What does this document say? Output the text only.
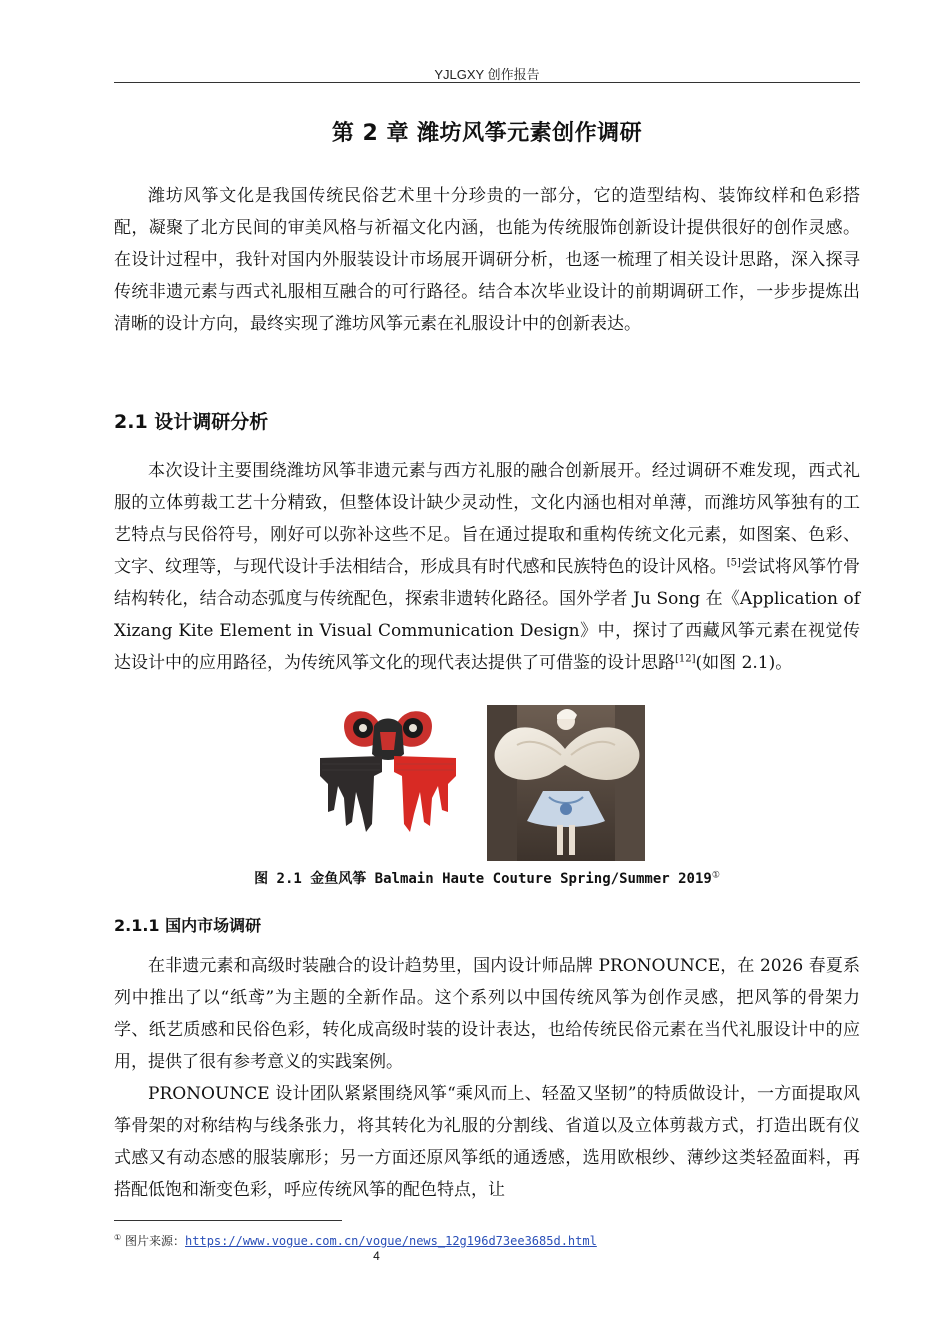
YJLGXY 创作报告
第 2 章 潍坊风筝元素创作调研

潍坊风筝文化是我国传统民俗艺术里十分珍贵的一部分，它的造型结构、装饰纹样和色彩搭配，凝聚了北方民间的审美风格与祈福文化内涵，也能为传统服饰创新设计提供很好的创作灵感。在设计过程中，我针对国内外服装设计市场展开调研分析，也逐一梳理了相关设计思路，深入探寻传统非遗元素与西式礼服相互融合的可行路径。结合本次毕业设计的前期调研工作，一步步提炼出清晰的设计方向，最终实现了潍坊风筝元素在礼服设计中的创新表达。

2.1 设计调研分析

本次设计主要围绕潍坊风筝非遗元素与西方礼服的融合创新展开。经过调研不难发现，西式礼服的立体剪裁工艺十分精致，但整体设计缺少灵动性，文化内涵也相对单薄，而潍坊风筝独有的工艺特点与民俗符号，刚好可以弥补这些不足。旨在通过提取和重构传统文化元素，如图案、色彩、文字、纹理等，与现代设计手法相结合，形成具有时代感和民族特色的设计风格。[5]尝试将风筝竹骨结构转化，结合动态弧度与传统配色，探索非遗转化路径。国外学者 Ju Song 在《Application of Xizang Kite Element in Visual Communication Design》中，探讨了西藏风筝元素在视觉传达设计中的应用路径，为传统风筝文化的现代表达提供了可借鉴的设计思路[12](如图 2.1)。

图 2.1 金鱼风筝 Balmain Haute Couture Spring/Summer 2019①
2.1.1 国内市场调研

在非遗元素和高级时装融合的设计趋势里，国内设计师品牌 PRONOUNCE，在 2026 春夏系列中推出了以“纸鸢”为主题的全新作品。这个系列以中国传统风筝为创作灵感，把风筝的骨架力学、纸艺质感和民俗色彩，转化成高级时装的设计表达，也给传统民俗元素在当代礼服设计中的应用，提供了很有参考意义的实践案例。

PRONOUNCE 设计团队紧紧围绕风筝“乘风而上、轻盈又坚韧”的特质做设计，一方面提取风筝骨架的对称结构与线条张力，将其转化为礼服的分割线、省道以及立体剪裁方式，打造出既有仪式感又有动态感的服装廓形；另一方面还原风筝纸的通透感，选用欧根纱、薄纱这类轻盈面料，再搭配低饱和渐变色彩，呼应传统风筝的配色特点，让

① 图片来源：https://www.vogue.com.cn/vogue/news_12g196d73ee3685d.html
4
